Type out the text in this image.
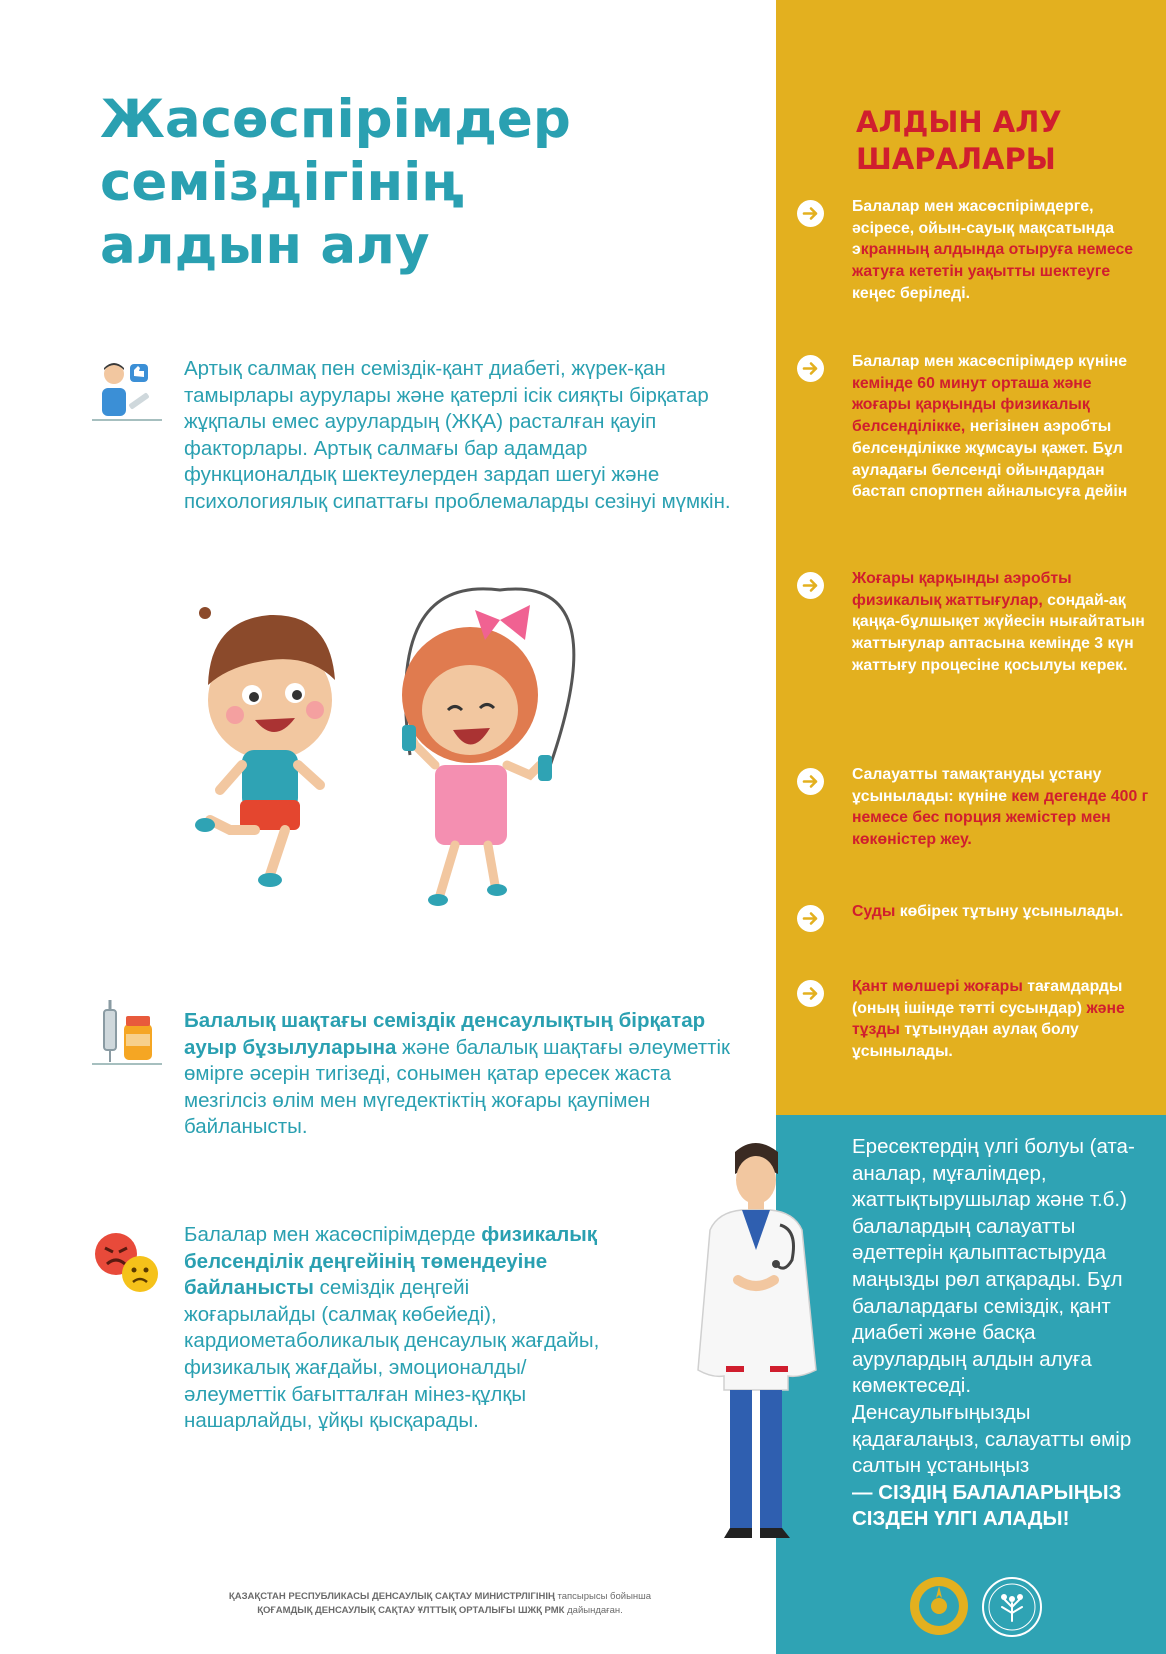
Жасөспірімдер
семіздігінің
алдын алу
Артық салмақ пен семіздік-қант диабеті, жүрек-қан тамырлары аурулары және қатерлі ісік сияқты бірқатар жұқпалы емес аурулардың (ЖҚА) расталған қауіп факторлары. Артық салмағы бар адамдар функционалдық шектеулерден зардап шегуі және психологиялық сипаттағы проблемаларды сезінуі мүмкін.
Балалық шақтағы семіздік денсаулықтың бірқатар ауыр бұзылуларына және балалық шақтағы әлеуметтік өмірге әсерін тигізеді, сонымен қатар ересек жаста мезгілсіз өлім мен мүгедектіктің жоғары қаупімен байланысты.
Балалар мен жасөспірімдерде физикалық белсенділік деңгейінің төмендеуіне байланысты семіздік деңгейі жоғарылайды (салмақ көбейеді), кардиометаболикалық денсаулық жағдайы, физикалық жағдайы, эмоционалды/әлеуметтік бағытталған мінез-құлқы нашарлайды, ұйқы қысқарады.
АЛДЫН АЛУ
ШАРАЛАРЫ
Балалар мен жасөспірімдерге, әсіресе, ойын-сауық мақсатында экранның алдында отыруға немесе жатуға кететін уақытты шектеуге кеңес беріледі.
Балалар мен жасөспірімдер күніне кемінде 60 минут орташа және жоғары қарқынды физикалық белсенділікке, негізінен аэробты белсенділікке жұмсауы қажет. Бұл ауладағы белсенді ойындардан бастап спортпен айналысуға дейін
Жоғары қарқынды аэробты физикалық жаттығулар, сондай-ақ қаңқа-бұлшықет жүйесін нығайтатын жаттығулар аптасына кемінде 3 күн жаттығу процесіне қосылуы керек.
Салауатты тамақтануды ұстану ұсынылады: күніне кем дегенде 400 г немесе бес порция жемістер мен көкөністер жеу.
Суды көбірек тұтыну ұсынылады.
Қант мөлшері жоғары тағамдарды (оның ішінде тәтті сусындар) және тұзды тұтынудан аулақ болу ұсынылады.
Ересектердің үлгі болуы (ата-аналар, мұғалімдер, жаттықтырушылар және т.б.) балалардың салауатты әдеттерін қалыптастыруда маңызды рөл атқарады. Бұл балалардағы семіздік, қант диабеті және басқа аурулардың алдын алуға көмектеседі. Денсаулығыңызды қадағалаңыз, салауатты өмір салтын ұстаныңыз
— СІЗДІҢ БАЛАЛАРЫҢЫЗ СІЗДЕН ҮЛГІ АЛАДЫ!
ҚАЗАҚСТАН РЕСПУБЛИКАСЫ ДЕНСАУЛЫҚ САҚТАУ МИНИСТРЛІГІНІҢ тапсырысы бойынша
ҚОҒАМДЫҚ ДЕНСАУЛЫҚ САҚТАУ ҰЛТТЫҚ ОРТАЛЫҒЫ ШЖҚ РМК дайындаған.
